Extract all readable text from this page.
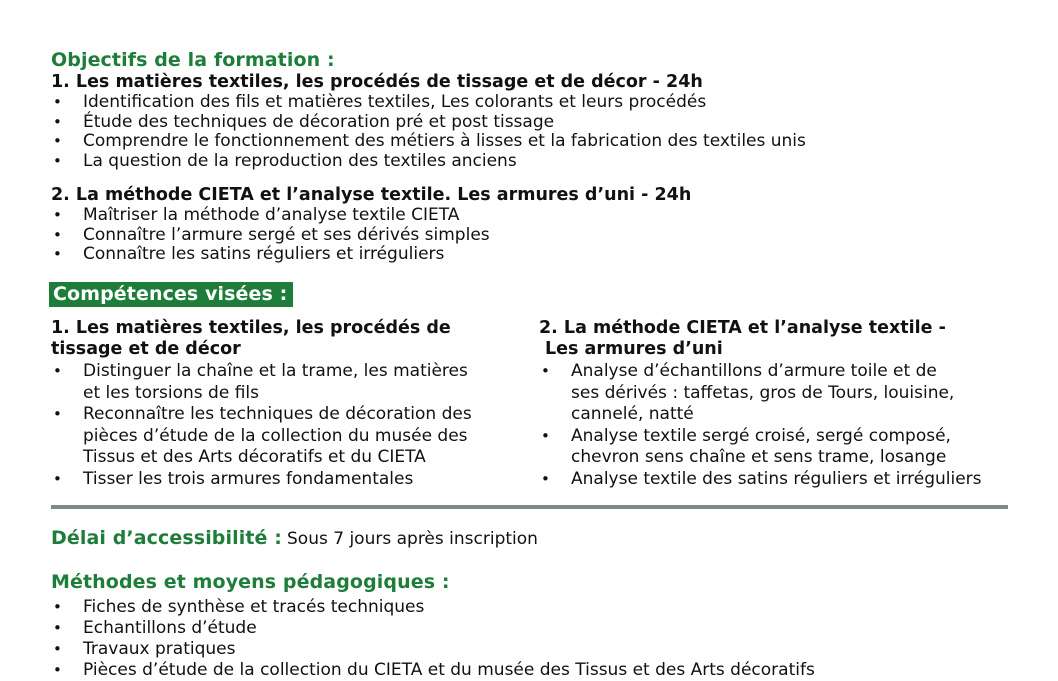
Objectifs de la formation :
1. Les matières textiles, les procédés de tissage et de décor - 24h
• Identification des fils et matières textiles, Les colorants et leurs procédés
• Étude des techniques de décoration pré et post tissage
• Comprendre le fonctionnement des métiers à lisses et la fabrication des textiles unis
• La question de la reproduction des textiles anciens
2. La méthode CIETA et l’analyse textile. Les armures d’uni - 24h
• Maîtriser la méthode d’analyse textile CIETA
• Connaître l’armure sergé et ses dérivés simples
• Connaître les satins réguliers et irréguliers
Compétences visées :
1. Les matières textiles, les procédés de
tissage et de décor
• Distinguer la chaîne et la trame, les matières
et les torsions de fils
• Reconnaître les techniques de décoration des
pièces d’étude de la collection du musée des
Tissus et des Arts décoratifs et du CIETA
• Tisser les trois armures fondamentales
2. La méthode CIETA et l’analyse textile -
Les armures d’uni
• Analyse d’échantillons d’armure toile et de
ses dérivés : taffetas, gros de Tours, louisine,
cannelé, natté
• Analyse textile sergé croisé, sergé composé,
chevron sens chaîne et sens trame, losange
• Analyse textile des satins réguliers et irréguliers
Délai d’accessibilité : Sous 7 jours après inscription
Méthodes et moyens pédagogiques :
• Fiches de synthèse et tracés techniques
• Echantillons d’étude
• Travaux pratiques
• Pièces d’étude de la collection du CIETA et du musée des Tissus et des Arts décoratifs
